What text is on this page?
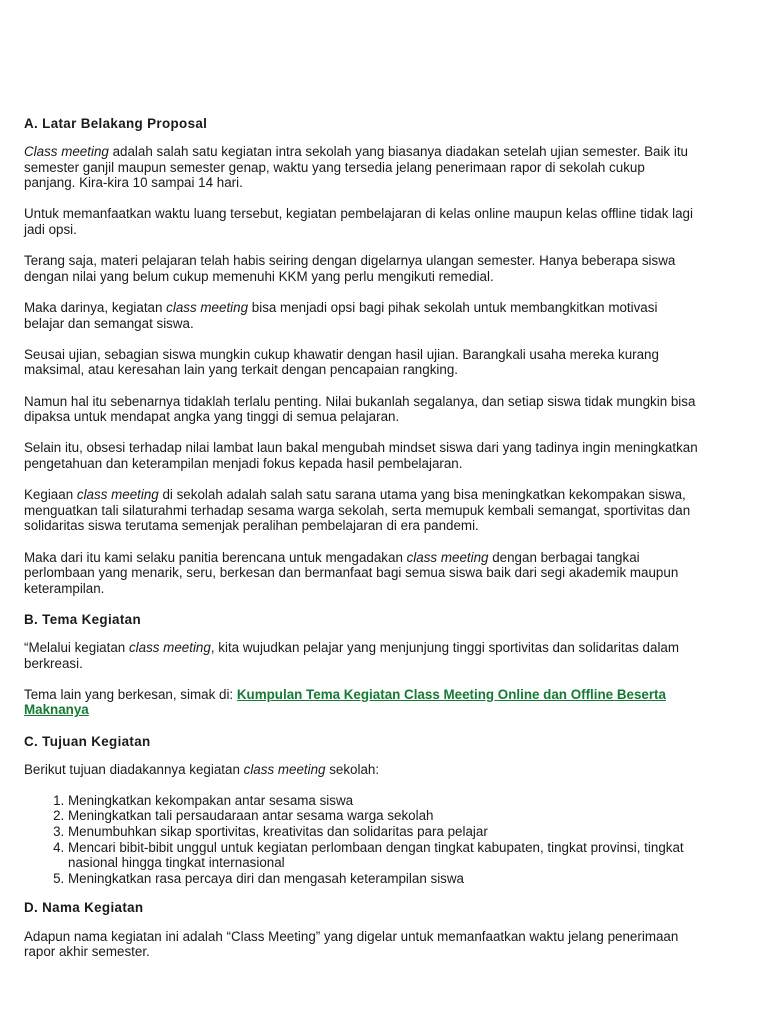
A. Latar Belakang Proposal

Class meeting adalah salah satu kegiatan intra sekolah yang biasanya diadakan setelah ujian semester. Baik itu semester ganjil maupun semester genap, waktu yang tersedia jelang penerimaan rapor di sekolah cukup panjang. Kira-kira 10 sampai 14 hari.

Untuk memanfaatkan waktu luang tersebut, kegiatan pembelajaran di kelas online maupun kelas offline tidak lagi jadi opsi.

Terang saja, materi pelajaran telah habis seiring dengan digelarnya ulangan semester. Hanya beberapa siswa dengan nilai yang belum cukup memenuhi KKM yang perlu mengikuti remedial.

Maka darinya, kegiatan class meeting bisa menjadi opsi bagi pihak sekolah untuk membangkitkan motivasi belajar dan semangat siswa.

Seusai ujian, sebagian siswa mungkin cukup khawatir dengan hasil ujian. Barangkali usaha mereka kurang maksimal, atau keresahan lain yang terkait dengan pencapaian rangking.

Namun hal itu sebenarnya tidaklah terlalu penting. Nilai bukanlah segalanya, dan setiap siswa tidak mungkin bisa dipaksa untuk mendapat angka yang tinggi di semua pelajaran.

Selain itu, obsesi terhadap nilai lambat laun bakal mengubah mindset siswa dari yang tadinya ingin meningkatkan pengetahuan dan keterampilan menjadi fokus kepada hasil pembelajaran.

Kegiaan class meeting di sekolah adalah salah satu sarana utama yang bisa meningkatkan kekompakan siswa, menguatkan tali silaturahmi terhadap sesama warga sekolah, serta memupuk kembali semangat, sportivitas dan solidaritas siswa terutama semenjak peralihan pembelajaran di era pandemi.

Maka dari itu kami selaku panitia berencana untuk mengadakan class meeting dengan berbagai tangkai perlombaan yang menarik, seru, berkesan dan bermanfaat bagi semua siswa baik dari segi akademik maupun keterampilan.

B. Tema Kegiatan

“Melalui kegiatan class meeting, kita wujudkan pelajar yang menjunjung tinggi sportivitas dan solidaritas dalam berkreasi.

Tema lain yang berkesan, simak di: Kumpulan Tema Kegiatan Class Meeting Online dan Offline Beserta Maknanya

C. Tujuan Kegiatan

Berikut tujuan diadakannya kegiatan class meeting sekolah:

1. Meningkatkan kekompakan antar sesama siswa
2. Meningkatkan tali persaudaraan antar sesama warga sekolah
3. Menumbuhkan sikap sportivitas, kreativitas dan solidaritas para pelajar
4. Mencari bibit-bibit unggul untuk kegiatan perlombaan dengan tingkat kabupaten, tingkat provinsi, tingkat nasional hingga tingkat internasional
5. Meningkatkan rasa percaya diri dan mengasah keterampilan siswa
D. Nama Kegiatan

Adapun nama kegiatan ini adalah “Class Meeting” yang digelar untuk memanfaatkan waktu jelang penerimaan rapor akhir semester.
